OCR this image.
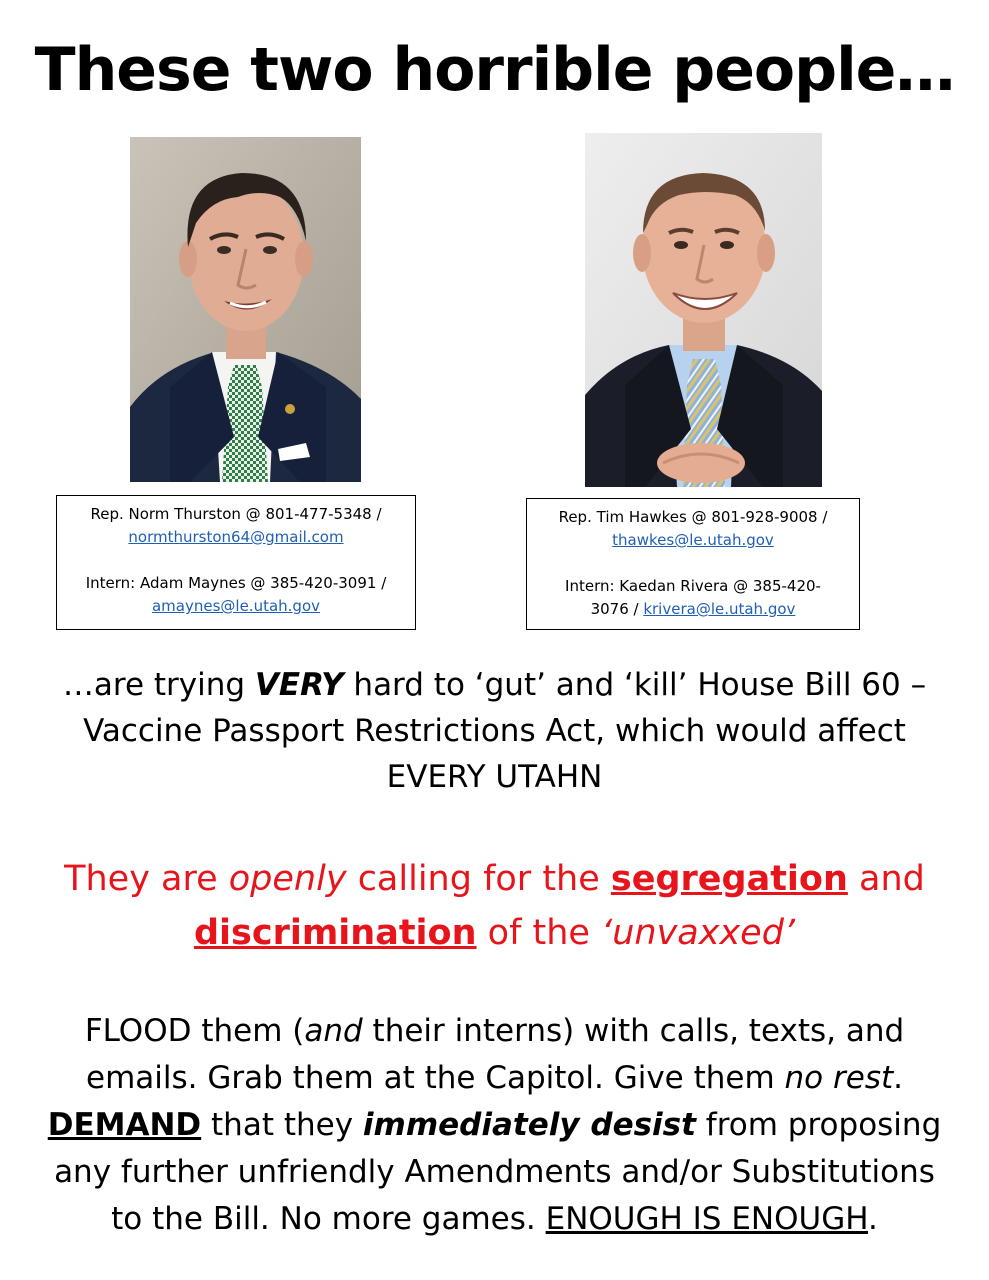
These two horrible people…
Rep. Norm Thurston @ 801-477-5348 /
normthurston64@gmail.com
Intern: Adam Maynes @ 385-420-3091 /
amaynes@le.utah.gov
Rep. Tim Hawkes @ 801-928-9008 /
thawkes@le.utah.gov
Intern: Kaedan Rivera @ 385-420-
3076 / krivera@le.utah.gov

…are trying VERY hard to ‘gut’ and ‘kill’ House Bill 60 –
Vaccine Passport Restrictions Act, which would affect
EVERY UTAHN

They are openly calling for the segregation and
discrimination of the ‘unvaxxed’

FLOOD them (and their interns) with calls, texts, and
emails. Grab them at the Capitol. Give them no rest.
DEMAND that they immediately desist from proposing
any further unfriendly Amendments and/or Substitutions
to the Bill. No more games. ENOUGH IS ENOUGH.
